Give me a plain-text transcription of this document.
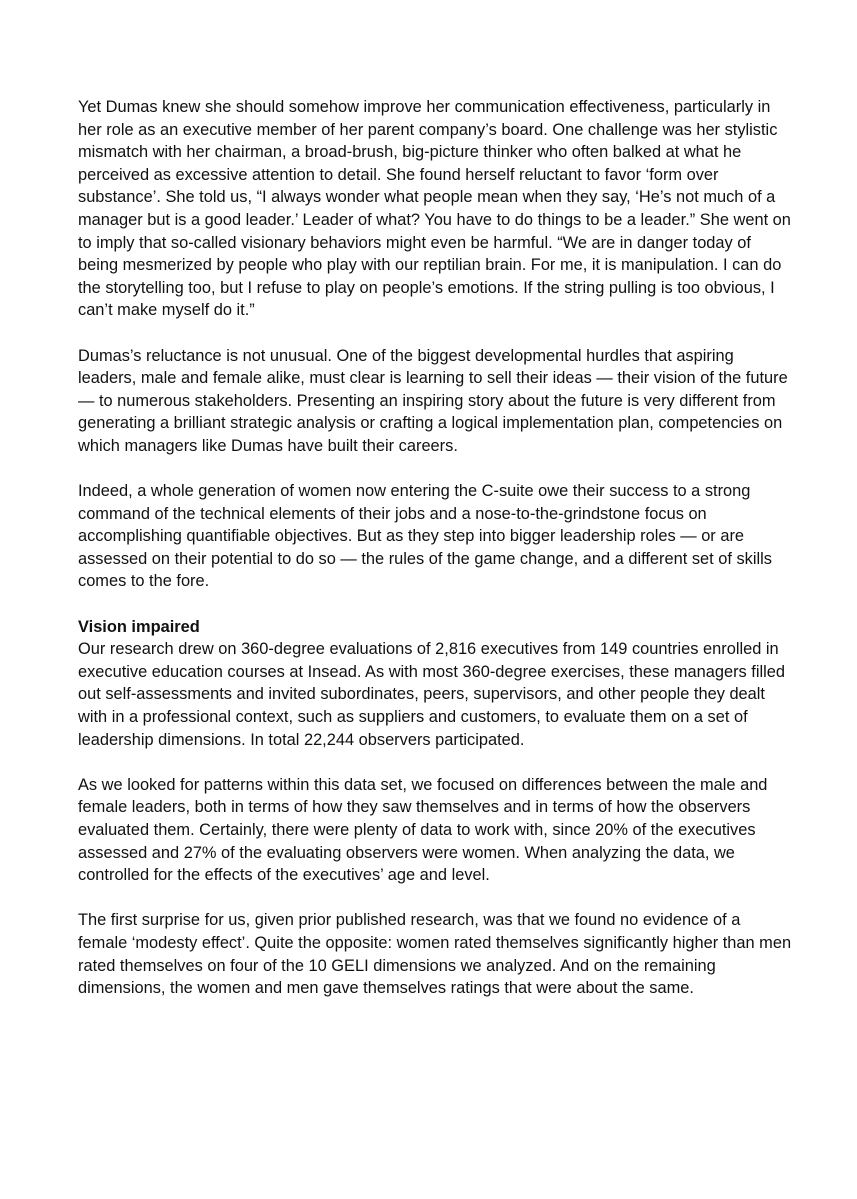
Yet Dumas knew she should somehow improve her communication effectiveness, particularly in her role as an executive member of her parent company’s board. One challenge was her stylistic mismatch with her chairman, a broad-brush, big-picture thinker who often balked at what he perceived as excessive attention to detail. She found herself reluctant to favor ‘form over substance’. She told us, “I always wonder what people mean when they say, ‘He’s not much of a manager but is a good leader.’ Leader of what? You have to do things to be a leader.” She went on to imply that so-called visionary behaviors might even be harmful. “We are in danger today of being mesmerized by people who play with our reptilian brain. For me, it is manipulation. I can do the storytelling too, but I refuse to play on people’s emotions. If the string pulling is too obvious, I can’t make myself do it.”

Dumas’s reluctance is not unusual. One of the biggest developmental hurdles that aspiring leaders, male and female alike, must clear is learning to sell their ideas — their vision of the future — to numerous stakeholders. Presenting an inspiring story about the future is very different from generating a brilliant strategic analysis or crafting a logical implementation plan, competencies on which managers like Dumas have built their careers.

Indeed, a whole generation of women now entering the C-suite owe their success to a strong command of the technical elements of their jobs and a nose-to-the-grindstone focus on accomplishing quantifiable objectives. But as they step into bigger leadership roles — or are assessed on their potential to do so — the rules of the game change, and a different set of skills comes to the fore.

Vision impaired

Our research drew on 360-degree evaluations of 2,816 executives from 149 countries enrolled in executive education courses at Insead. As with most 360-degree exercises, these managers filled out self-assessments and invited subordinates, peers, supervisors, and other people they dealt with in a professional context, such as suppliers and customers, to evaluate them on a set of leadership dimensions. In total 22,244 observers participated.

As we looked for patterns within this data set, we focused on differences between the male and female leaders, both in terms of how they saw themselves and in terms of how the observers evaluated them. Certainly, there were plenty of data to work with, since 20% of the executives assessed and 27% of the evaluating observers were women. When analyzing the data, we controlled for the effects of the executives’ age and level.

The first surprise for us, given prior published research, was that we found no evidence of a female ‘modesty effect’. Quite the opposite: women rated themselves significantly higher than men rated themselves on four of the 10 GELI dimensions we analyzed. And on the remaining dimensions, the women and men gave themselves ratings that were about the same.
